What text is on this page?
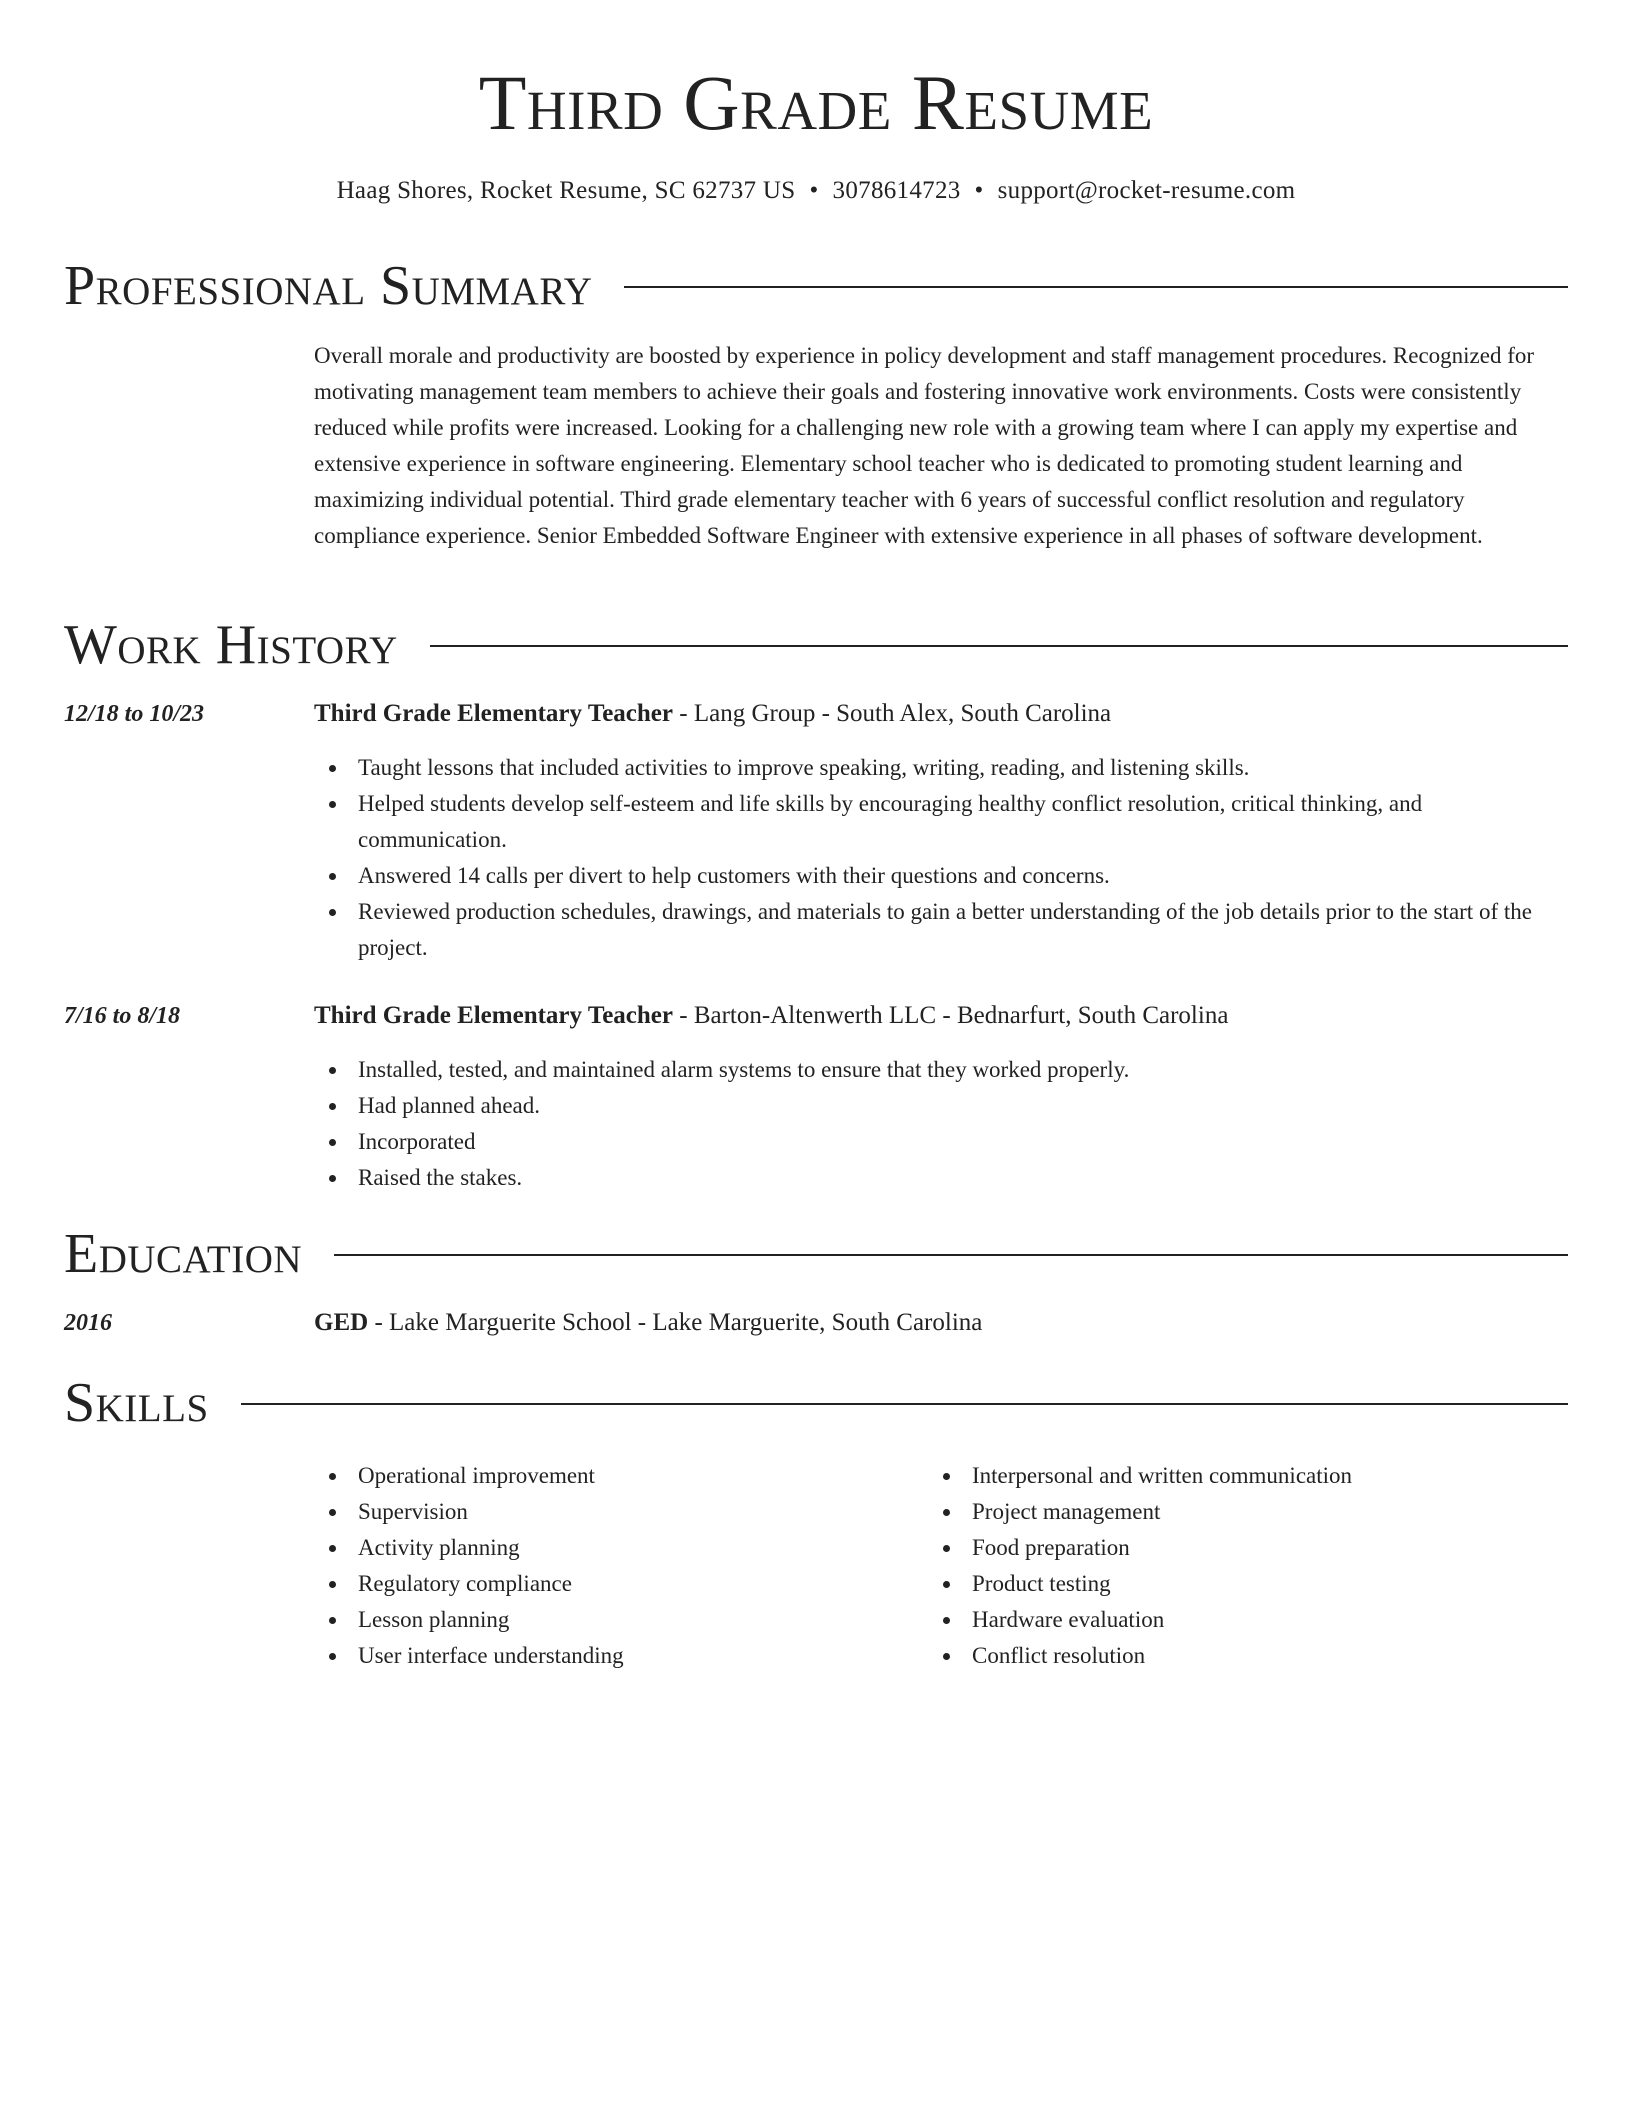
Third Grade Resume
Haag Shores, Rocket Resume, SC 62737 US • 3078614723 • support@rocket-resume.com
Professional Summary

Overall morale and productivity are boosted by experience in policy development and staff management procedures. Recognized for motivating management team members to achieve their goals and fostering innovative work environments. Costs were consistently reduced while profits were increased. Looking for a challenging new role with a growing team where I can apply my expertise and extensive experience in software engineering. Elementary school teacher who is dedicated to promoting student learning and maximizing individual potential. Third grade elementary teacher with 6 years of successful conflict resolution and regulatory compliance experience. Senior Embedded Software Engineer with extensive experience in all phases of software development.

Work History
12/18 to 10/23	Third Grade Elementary Teacher - Lang Group - South Alex, South Carolina
Taught lessons that included activities to improve speaking, writing, reading, and listening skills.
Helped students develop self-esteem and life skills by encouraging healthy conflict resolution, critical thinking, and communication.
Answered 14 calls per divert to help customers with their questions and concerns.
Reviewed production schedules, drawings, and materials to gain a better understanding of the job details prior to the start of the project.
7/16 to 8/18	Third Grade Elementary Teacher - Barton-Altenwerth LLC - Bednarfurt, South Carolina
Installed, tested, and maintained alarm systems to ensure that they worked properly.
Had planned ahead.
Incorporated
Raised the stakes.
Education
2016	GED - Lake Marguerite School - Lake Marguerite, South Carolina
Skills
Operational improvement
Supervision
Activity planning
Regulatory compliance
Lesson planning
User interface understanding
Interpersonal and written communication
Project management
Food preparation
Product testing
Hardware evaluation
Conflict resolution
